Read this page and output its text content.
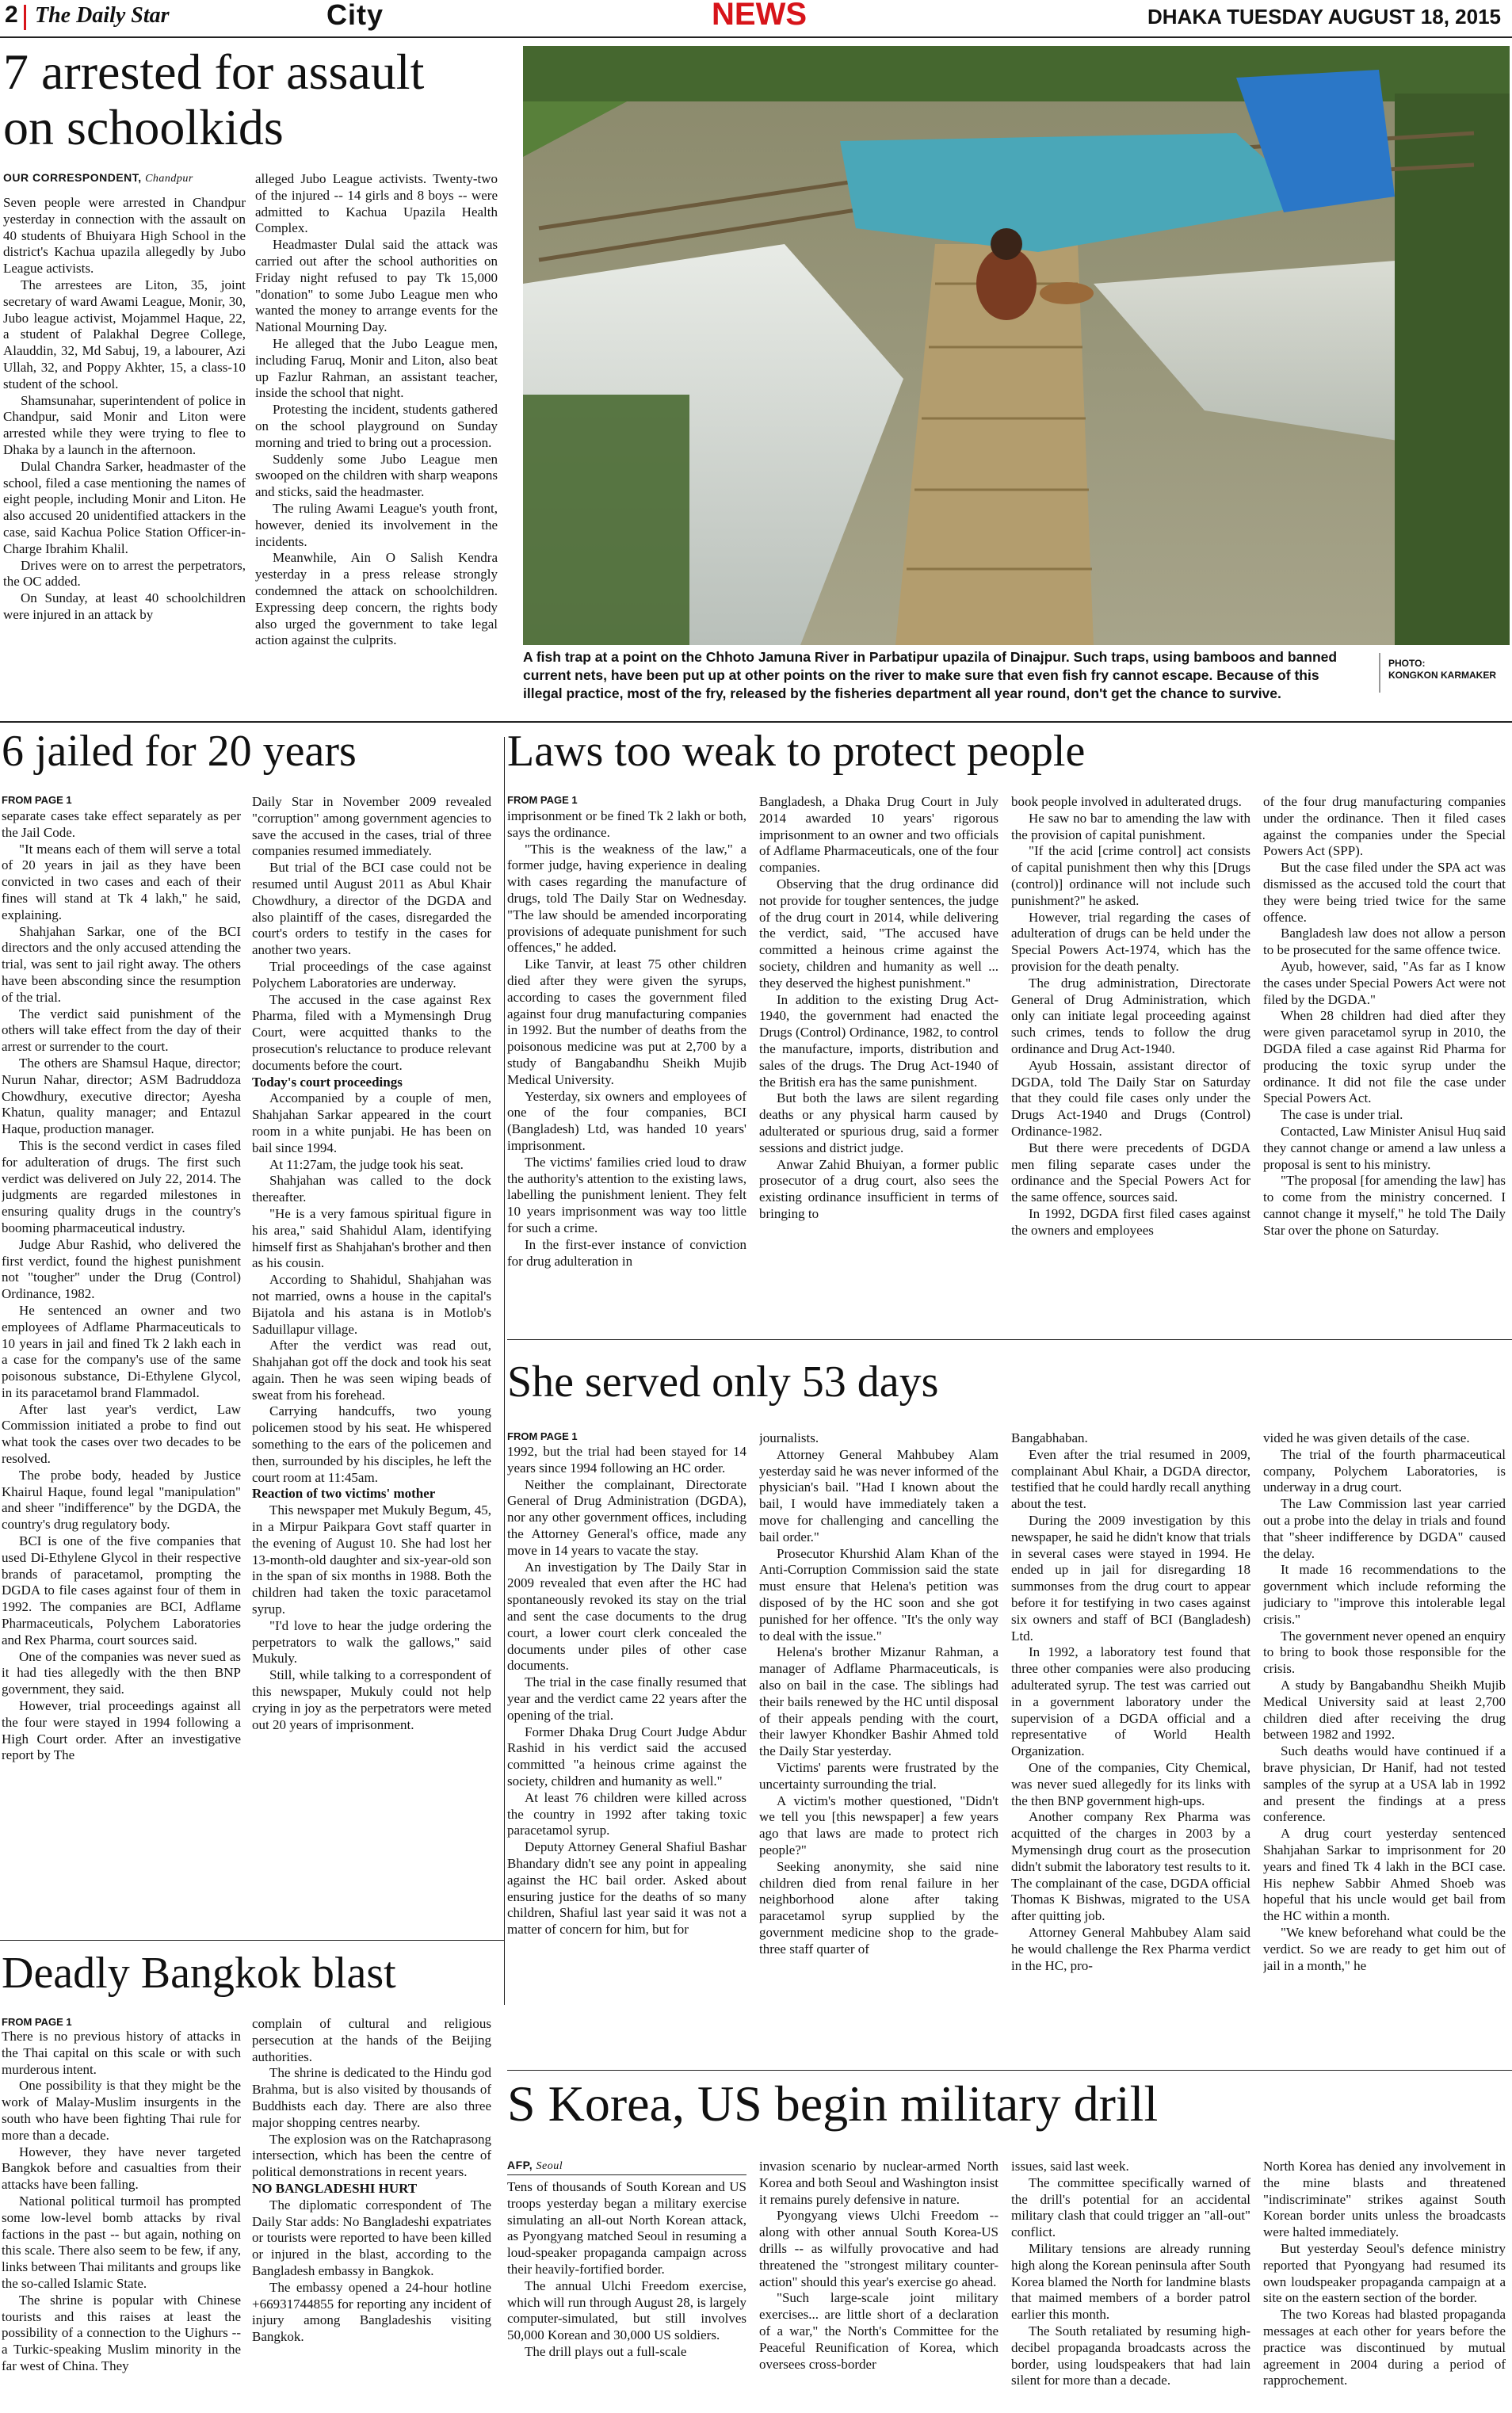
2 The Daily Star	City	NEWS	DHAKA TUESDAY AUGUST 18, 2015
7 arrested for assault
on schoolkids
OUR CORRESPONDENT, Chandpur

Seven people were arrested in Chandpur yesterday in connection with the assault on 40 students of Bhuiyara High School in the district's Kachua upazila allegedly by Jubo League activists.

The arrestees are Liton, 35, joint secretary of ward Awami League, Monir, 30, Jubo league activist, Mojammel Haque, 22, a student of Palakhal Degree College, Alauddin, 32, Md Sabuj, 19, a labourer, Azi Ullah, 32, and Poppy Akhter, 15, a class-10 student of the school.

Shamsunahar, superintendent of police in Chandpur, said Monir and Liton were arrested while they were trying to flee to Dhaka by a launch in the afternoon.

Dulal Chandra Sarker, headmaster of the school, filed a case mentioning the names of eight people, including Monir and Liton. He also accused 20 unidentified attackers in the case, said Kachua Police Station Officer-in-Charge Ibrahim Khalil.

Drives were on to arrest the perpetrators, the OC added.

On Sunday, at least 40 schoolchildren were injured in an attack by

alleged Jubo League activists. Twenty-two of the injured -- 14 girls and 8 boys -- were admitted to Kachua Upazila Health Complex.

Headmaster Dulal said the attack was carried out after the school authorities on Friday night refused to pay Tk 15,000 "donation" to some Jubo League men who wanted the money to arrange events for the National Mourning Day.

He alleged that the Jubo League men, including Faruq, Monir and Liton, also beat up Fazlur Rahman, an assistant teacher, inside the school that night.

Protesting the incident, students gathered on the school playground on Sunday morning and tried to bring out a procession.

Suddenly some Jubo League men swooped on the children with sharp weapons and sticks, said the headmaster.

The ruling Awami League's youth front, however, denied its involvement in the incidents.

Meanwhile, Ain O Salish Kendra yesterday in a press release strongly condemned the attack on schoolchildren. Expressing deep concern, the rights body also urged the government to take legal action against the culprits.

A fish trap at a point on the Chhoto Jamuna River in Parbatipur upazila of Dinajpur. Such traps, using bamboos and banned current nets, have been put up at other points on the river to make sure that even fish fry cannot escape. Because of this illegal practice, most of the fry, released by the fisheries department all year round, don't get the chance to survive.
PHOTO:
KONGKON KARMAKER
6 jailed for 20 years
FROM PAGE 1

separate cases take effect separately as per the Jail Code.

"It means each of them will serve a total of 20 years in jail as they have been convicted in two cases and each of their fines will stand at Tk 4 lakh," he said, explaining.

Shahjahan Sarkar, one of the BCI directors and the only accused attending the trial, was sent to jail right away. The others have been absconding since the resumption of the trial.

The verdict said punishment of the others will take effect from the day of their arrest or surrender to the court.

The others are Shamsul Haque, director; Nurun Nahar, director; ASM Badruddoza Chowdhury, executive director; Ayesha Khatun, quality manager; and Entazul Haque, production manager.

This is the second verdict in cases filed for adulteration of drugs. The first such verdict was delivered on July 22, 2014. The judgments are regarded milestones in ensuring quality drugs in the country's booming pharmaceutical industry.

Judge Abur Rashid, who delivered the first verdict, found the highest punishment not "tougher" under the Drug (Control) Ordinance, 1982.

He sentenced an owner and two employees of Adflame Pharmaceuticals to 10 years in jail and fined Tk 2 lakh each in a case for the company's use of the same poisonous substance, Di-Ethylene Glycol, in its paracetamol brand Flammadol.

After last year's verdict, Law Commission initiated a probe to find out what took the cases over two decades to be resolved.

The probe body, headed by Justice Khairul Haque, found legal "manipulation" and sheer "indifference" by the DGDA, the country's drug regulatory body.

BCI is one of the five companies that used Di-Ethylene Glycol in their respective brands of paracetamol, prompting the DGDA to file cases against four of them in 1992. The companies are BCI, Adflame Pharmaceuticals, Polychem Laboratories and Rex Pharma, court sources said.

One of the companies was never sued as it had ties allegedly with the then BNP government, they said.

However, trial proceedings against all the four were stayed in 1994 following a High Court order. After an investigative report by The

Daily Star in November 2009 revealed "corruption" among government agencies to save the accused in the cases, trial of three companies resumed immediately.

But trial of the BCI case could not be resumed until August 2011 as Abul Khair Chowdhury, a director of the DGDA and also plaintiff of the cases, disregarded the court's orders to testify in the cases for another two years.

Trial proceedings of the case against Polychem Laboratories are underway.

The accused in the case against Rex Pharma, filed with a Mymensingh Drug Court, were acquitted thanks to the prosecution's reluctance to produce relevant documents before the court.

Today's court proceedings

Accompanied by a couple of men, Shahjahan Sarkar appeared in the court room in a white punjabi. He has been on bail since 1994.

At 11:27am, the judge took his seat.

Shahjahan was called to the dock thereafter.

"He is a very famous spiritual figure in his area," said Shahidul Alam, identifying himself first as Shahjahan's brother and then as his cousin.

According to Shahidul, Shahjahan was not married, owns a house in the capital's Bijatola and his astana is in Motlob's Saduillapur village.

After the verdict was read out, Shahjahan got off the dock and took his seat again. Then he was seen wiping beads of sweat from his forehead.

Carrying handcuffs, two young policemen stood by his seat. He whispered something to the ears of the policemen and then, surrounded by his disciples, he left the court room at 11:45am.

Reaction of two victims' mother

This newspaper met Mukuly Begum, 45, in a Mirpur Paikpara Govt staff quarter in the evening of August 10. She had lost her 13-month-old daughter and six-year-old son in the span of six months in 1988. Both the children had taken the toxic paracetamol syrup.

"I'd love to hear the judge ordering the perpetrators to walk the gallows," said Mukuly.

Still, while talking to a correspondent of this newspaper, Mukuly could not help crying in joy as the perpetrators were meted out 20 years of imprisonment.

Laws too weak to protect people
FROM PAGE 1

imprisonment or be fined Tk 2 lakh or both, says the ordinance.

"This is the weakness of the law," a former judge, having experience in dealing with cases regarding the manufacture of drugs, told The Daily Star on Wednesday. "The law should be amended incorporating provisions of adequate punishment for such offences," he added.

Like Tanvir, at least 75 other children died after they were given the syrups, according to cases the government filed against four drug manufacturing companies in 1992. But the number of deaths from the poisonous medicine was put at 2,700 by a study of Bangabandhu Sheikh Mujib Medical University.

Yesterday, six owners and employees of one of the four companies, BCI (Bangladesh) Ltd, was handed 10 years' imprisonment.

The victims' families cried loud to draw the authority's attention to the existing laws, labelling the punishment lenient. They felt 10 years imprisonment was way too little for such a crime.

In the first-ever instance of conviction for drug adulteration in

Bangladesh, a Dhaka Drug Court in July 2014 awarded 10 years' rigorous imprisonment to an owner and two officials of Adflame Pharmaceuticals, one of the four companies.

Observing that the drug ordinance did not provide for tougher sentences, the judge of the drug court in 2014, while delivering the verdict, said, "The accused have committed a heinous crime against the society, children and humanity as well ... they deserved the highest punishment."

In addition to the existing Drug Act-1940, the government had enacted the Drugs (Control) Ordinance, 1982, to control the manufacture, imports, distribution and sales of the drugs. The Drug Act-1940 of the British era has the same punishment.

But both the laws are silent regarding deaths or any physical harm caused by adulterated or spurious drug, said a former sessions and district judge.

Anwar Zahid Bhuiyan, a former public prosecutor of a drug court, also sees the existing ordinance insufficient in terms of bringing to

book people involved in adulterated drugs.

He saw no bar to amending the law with the provision of capital punishment.

"If the acid [crime control] act consists of capital punishment then why this [Drugs (control)] ordinance will not include such punishment?" he asked.

However, trial regarding the cases of adulteration of drugs can be held under the Special Powers Act-1974, which has the provision for the death penalty.

The drug administration, Directorate General of Drug Administration, which only can initiate legal proceeding against such crimes, tends to follow the drug ordinance and Drug Act-1940.

Ayub Hossain, assistant director of DGDA, told The Daily Star on Saturday that they could file cases only under the Drugs Act-1940 and Drugs (Control) Ordinance-1982.

But there were precedents of DGDA men filing separate cases under the ordinance and the Special Powers Act for the same offence, sources said.

In 1992, DGDA first filed cases against the owners and employees

of the four drug manufacturing companies under the ordinance. Then it filed cases against the companies under the Special Powers Act (SPP).

But the case filed under the SPA act was dismissed as the accused told the court that they were being tried twice for the same offence.

Bangladesh law does not allow a person to be prosecuted for the same offence twice.

Ayub, however, said, "As far as I know the cases under Special Powers Act were not filed by the DGDA."

When 28 children had died after they were given paracetamol syrup in 2010, the DGDA filed a case against Rid Pharma for producing the toxic syrup under the ordinance. It did not file the case under Special Powers Act.

The case is under trial.

Contacted, Law Minister Anisul Huq said they cannot change or amend a law unless a proposal is sent to his ministry.

"The proposal [for amending the law] has to come from the ministry concerned. I cannot change it myself," he told The Daily Star over the phone on Saturday.

She served only 53 days
FROM PAGE 1

1992, but the trial had been stayed for 14 years since 1994 following an HC order.

Neither the complainant, Directorate General of Drug Administration (DGDA), nor any other government offices, including the Attorney General's office, made any move in 14 years to vacate the stay.

An investigation by The Daily Star in 2009 revealed that even after the HC had spontaneously revoked its stay on the trial and sent the case documents to the drug court, a lower court clerk concealed the documents under piles of other case documents.

The trial in the case finally resumed that year and the verdict came 22 years after the opening of the trial.

Former Dhaka Drug Court Judge Abdur Rashid in his verdict said the accused committed "a heinous crime against the society, children and humanity as well."

At least 76 children were killed across the country in 1992 after taking toxic paracetamol syrup.

Deputy Attorney General Shafiul Bashar Bhandary didn't see any point in appealing against the HC bail order. Asked about ensuring justice for the deaths of so many children, Shafiul last year said it was not a matter of concern for him, but for

journalists.

Attorney General Mahbubey Alam yesterday said he was never informed of the physician's bail. "Had I known about the bail, I would have immediately taken a move for challenging and cancelling the bail order."

Prosecutor Khurshid Alam Khan of the Anti-Corruption Commission said the state must ensure that Helena's petition was disposed of by the HC soon and she got punished for her offence. "It's the only way to deal with the issue."

Helena's brother Mizanur Rahman, a manager of Adflame Pharmaceuticals, is also on bail in the case. The siblings had their bails renewed by the HC until disposal of their appeals pending with the court, their lawyer Khondker Bashir Ahmed told the Daily Star yesterday.

Victims' parents were frustrated by the uncertainty surrounding the trial.

A victim's mother questioned, "Didn't we tell you [this newspaper] a few years ago that laws are made to protect rich people?"

Seeking anonymity, she said nine children died from renal failure in her neighborhood alone after taking paracetamol syrup supplied by the government medicine shop to the grade-three staff quarter of

Bangabhaban.

Even after the trial resumed in 2009, complainant Abul Khair, a DGDA director, testified that he could hardly recall anything about the test.

During the 2009 investigation by this newspaper, he said he didn't know that trials in several cases were stayed in 1994. He ended up in jail for disregarding 18 summonses from the drug court to appear before it for testifying in two cases against six owners and staff of BCI (Bangladesh) Ltd.

In 1992, a laboratory test found that three other companies were also producing adulterated syrup. The test was carried out in a government laboratory under the supervision of a DGDA official and a representative of World Health Organization.

One of the companies, City Chemical, was never sued allegedly for its links with the then BNP government high-ups.

Another company Rex Pharma was acquitted of the charges in 2003 by a Mymensingh drug court as the prosecution didn't submit the laboratory test results to it. The complainant of the case, DGDA official Thomas K Bishwas, migrated to the USA after quitting job.

Attorney General Mahbubey Alam said he would challenge the Rex Pharma verdict in the HC, pro-

vided he was given details of the case.

The trial of the fourth pharmaceutical company, Polychem Laboratories, is underway in a drug court.

The Law Commission last year carried out a probe into the delay in trials and found that "sheer indifference by DGDA" caused the delay.

It made 16 recommendations to the government which include reforming the judiciary to "improve this intolerable legal crisis."

The government never opened an enquiry to bring to book those responsible for the crisis.

A study by Bangabandhu Sheikh Mujib Medical University said at least 2,700 children died after receiving the drug between 1982 and 1992.

Such deaths would have continued if a brave physician, Dr Hanif, had not tested samples of the syrup at a USA lab in 1992 and present the findings at a press conference.

A drug court yesterday sentenced Shahjahan Sarkar to imprisonment for 20 years and fined Tk 4 lakh in the BCI case. His nephew Sabbir Ahmed Shoeb was hopeful that his uncle would get bail from the HC within a month.

"We knew beforehand what could be the verdict. So we are ready to get him out of jail in a month," he

Deadly Bangkok blast
FROM PAGE 1

There is no previous history of attacks in the Thai capital on this scale or with such murderous intent.

One possibility is that they might be the work of Malay-Muslim insurgents in the south who have been fighting Thai rule for more than a decade.

However, they have never targeted Bangkok before and casualties from their attacks have been falling.

National political turmoil has prompted some low-level bomb attacks by rival factions in the past -- but again, nothing on this scale. There also seem to be few, if any, links between Thai militants and groups like the so-called Islamic State.

The shrine is popular with Chinese tourists and this raises at least the possibility of a connection to the Uighurs -- a Turkic-speaking Muslim minority in the far west of China. They

complain of cultural and religious persecution at the hands of the Beijing authorities.

The shrine is dedicated to the Hindu god Brahma, but is also visited by thousands of Buddhists each day. There are also three major shopping centres nearby.

The explosion was on the Ratchaprasong intersection, which has been the centre of political demonstrations in recent years.

NO BANGLADESHI HURT

The diplomatic correspondent of The Daily Star adds: No Bangladeshi expatriates or tourists were reported to have been killed or injured in the blast, according to the Bangladesh embassy in Bangkok.

The embassy opened a 24-hour hotline +66931744855 for reporting any incident of injury among Bangladeshis visiting Bangkok.

S Korea, US begin military drill
AFP, Seoul

Tens of thousands of South Korean and US troops yesterday began a military exercise simulating an all-out North Korean attack, as Pyongyang matched Seoul in resuming a loud-speaker propaganda campaign across their heavily-fortified border.

The annual Ulchi Freedom exercise, which will run through August 28, is largely computer-simulated, but still involves 50,000 Korean and 30,000 US soldiers.

The drill plays out a full-scale

invasion scenario by nuclear-armed North Korea and both Seoul and Washington insist it remains purely defensive in nature.

Pyongyang views Ulchi Freedom -- along with other annual South Korea-US drills -- as wilfully provocative and had threatened the "strongest military counter-action" should this year's exercise go ahead.

"Such large-scale joint military exercises... are little short of a declaration of a war," the North's Committee for the Peaceful Reunification of Korea, which oversees cross-border

issues, said last week.

The committee specifically warned of the drill's potential for an accidental military clash that could trigger an "all-out" conflict.

Military tensions are already running high along the Korean peninsula after South Korea blamed the North for landmine blasts that maimed members of a border patrol earlier this month.

The South retaliated by resuming high-decibel propaganda broadcasts across the border, using loudspeakers that had lain silent for more than a decade.

North Korea has denied any involvement in the mine blasts and threatened "indiscriminate" strikes against South Korean border units unless the broadcasts were halted immediately.

But yesterday Seoul's defence ministry reported that Pyongyang had resumed its own loudspeaker propaganda campaign at a site on the eastern section of the border.

The two Koreas had blasted propaganda messages at each other for years before the practice was discontinued by mutual agreement in 2004 during a period of rapprochement.
